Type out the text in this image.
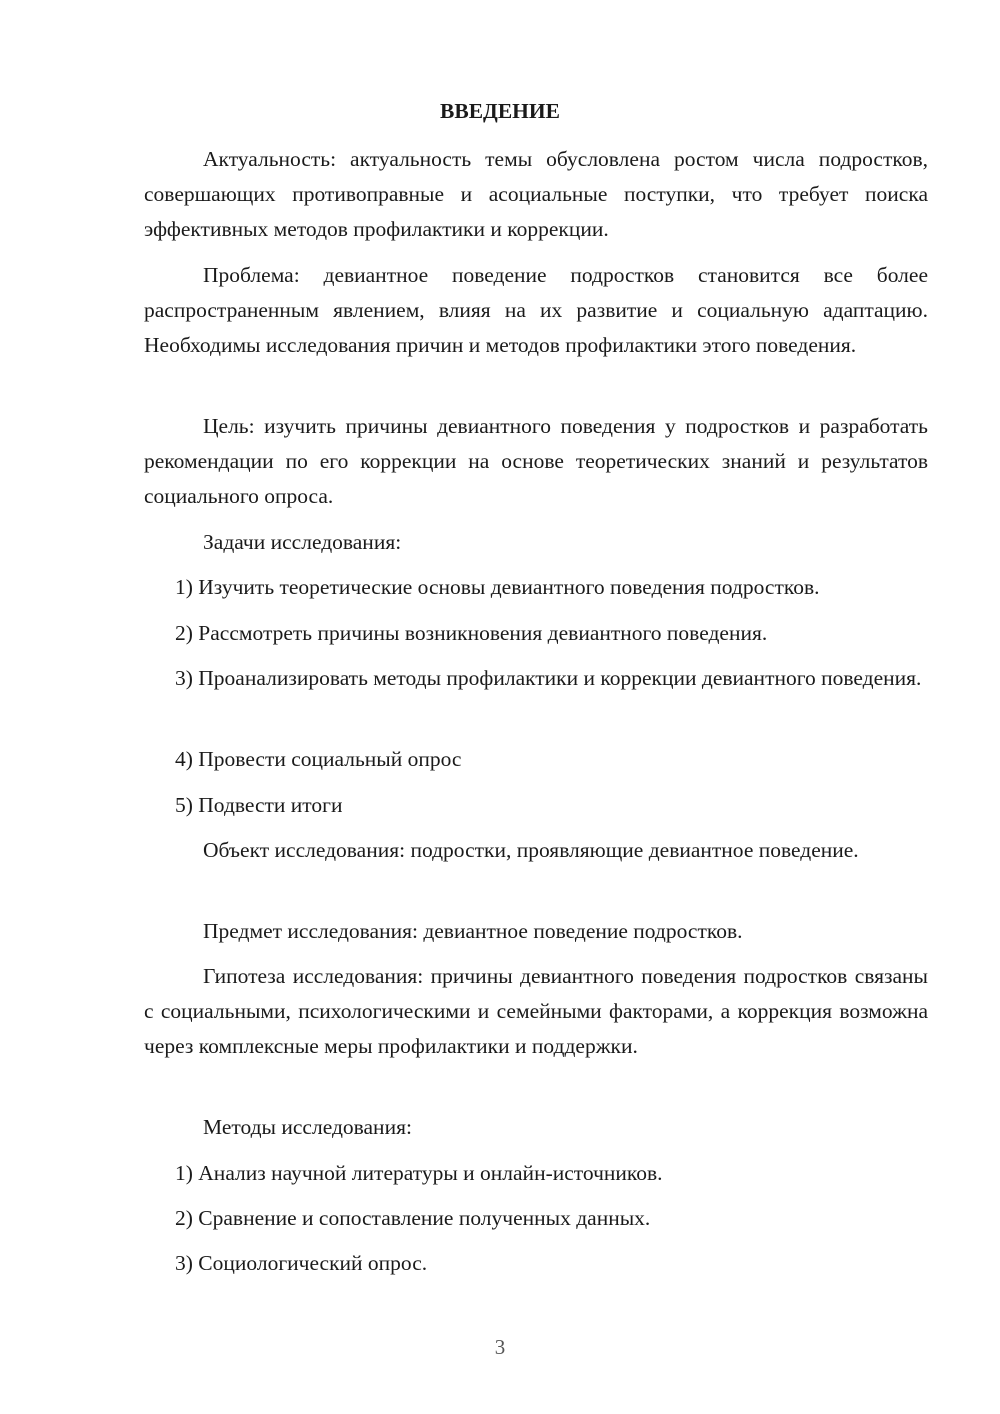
ВВЕДЕНИЕ

Актуальность: актуальность темы обусловлена ростом числа подростков, совершающих противоправные и асоциальные поступки, что требует поиска эффективных методов профилактики и коррекции.

Проблема: девиантное поведение подростков становится все более распространенным явлением, влияя на их развитие и социальную адаптацию. Необходимы исследования причин и методов профилактики этого поведения.

Цель: изучить причины девиантного поведения у подростков и разработать рекомендации по его коррекции на основе теоретических знаний и результатов социального опроса.

Задачи исследования:

1) Изучить теоретические основы девиантного поведения подростков.

2) Рассмотреть причины возникновения девиантного поведения.

3) Проанализировать методы профилактики и коррекции девиантного поведения.

4) Провести социальный опрос

5) Подвести итоги

Объект исследования: подростки, проявляющие девиантное поведение.

Предмет исследования: девиантное поведение подростков.

Гипотеза исследования: причины девиантного поведения подростков связаны с социальными, психологическими и семейными факторами, а коррекция возможна через комплексные меры профилактики и поддержки.

Методы исследования:

1) Анализ научной литературы и онлайн-источников.

2) Сравнение и сопоставление полученных данных.

3) Социологический опрос.

3
